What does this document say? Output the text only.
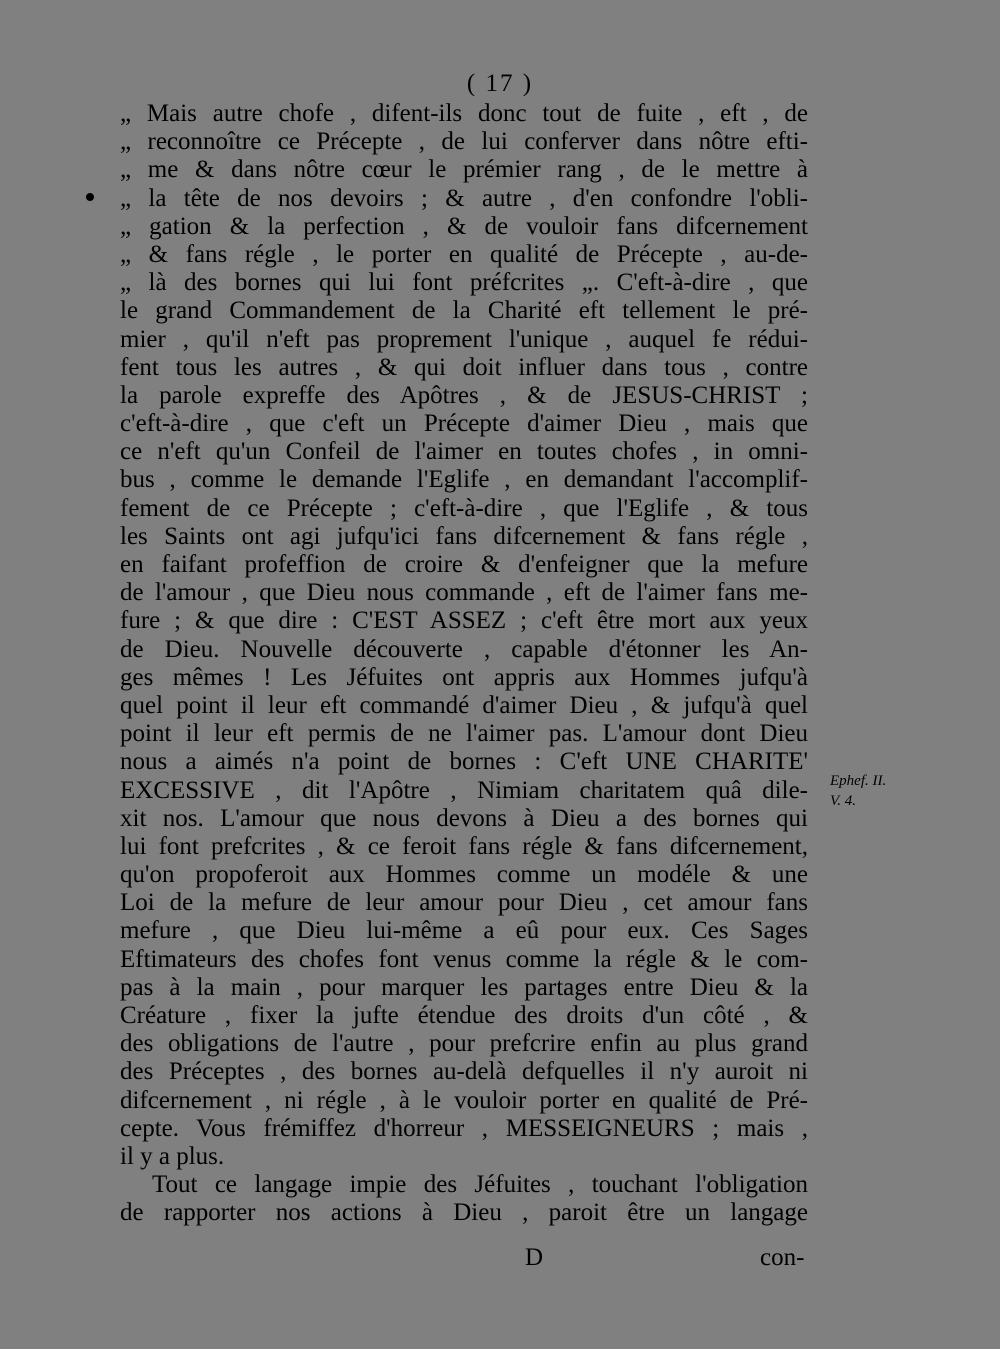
( 17 )
„ Mais autre chofe , difent-ils donc tout de fuite , eft , de
„ reconnoître ce Précepte , de lui conferver dans nôtre efti-
„ me & dans nôtre cœur le prémier rang , de le mettre à
„ la tête de nos devoirs ; & autre , d'en confondre l'obli-
„ gation & la perfection , & de vouloir fans difcernement
„ & fans régle , le porter en qualité de Précepte , au-de-
„ là des bornes qui lui font préfcrites „. C'eft-à-dire , que
le grand Commandement de la Charité eft tellement le pré-
mier , qu'il n'eft pas proprement l'unique , auquel fe rédui-
fent tous les autres , & qui doit influer dans tous , contre
la parole expreffe des Apôtres , & de JESUS-CHRIST ;
c'eft-à-dire , que c'eft un Précepte d'aimer Dieu , mais que
ce n'eft qu'un Confeil de l'aimer en toutes chofes , in omni-
bus , comme le demande l'Eglife , en demandant l'accomplif-
fement de ce Précepte ; c'eft-à-dire , que l'Eglife , & tous
les Saints ont agi jufqu'ici fans difcernement & fans régle ,
en faifant profeffion de croire & d'enfeigner que la mefure
de l'amour , que Dieu nous commande , eft de l'aimer fans me-
fure ; & que dire : C'EST ASSEZ ; c'eft être mort aux yeux
de Dieu. Nouvelle découverte , capable d'étonner les An-
ges mêmes ! Les Jéfuites ont appris aux Hommes jufqu'à
quel point il leur eft commandé d'aimer Dieu , & jufqu'à quel
point il leur eft permis de ne l'aimer pas. L'amour dont Dieu
nous a aimés n'a point de bornes : C'eft UNE CHARITE'
EXCESSIVE , dit l'Apôtre , Nimiam charitatem quâ dile-
xit nos. L'amour que nous devons à Dieu a des bornes qui
lui font prefcrites , & ce feroit fans régle & fans difcernement,
qu'on propoferoit aux Hommes comme un modéle & une
Loi de la mefure de leur amour pour Dieu , cet amour fans
mefure , que Dieu lui-même a eû pour eux. Ces Sages
Eftimateurs des chofes font venus comme la régle & le com-
pas à la main , pour marquer les partages entre Dieu & la
Créature , fixer la jufte étendue des droits d'un côté , &
des obligations de l'autre , pour prefcrire enfin au plus grand
des Préceptes , des bornes au-delà defquelles il n'y auroit ni
difcernement , ni régle , à le vouloir porter en qualité de Pré-
cepte. Vous frémiffez d'horreur , MESSEIGNEURS ; mais ,
il y a plus.
Tout ce langage impie des Jéfuites , touchant l'obligation
de rapporter nos actions à Dieu , paroit être un langage
Ephef. II.
V. 4.
D	con-
